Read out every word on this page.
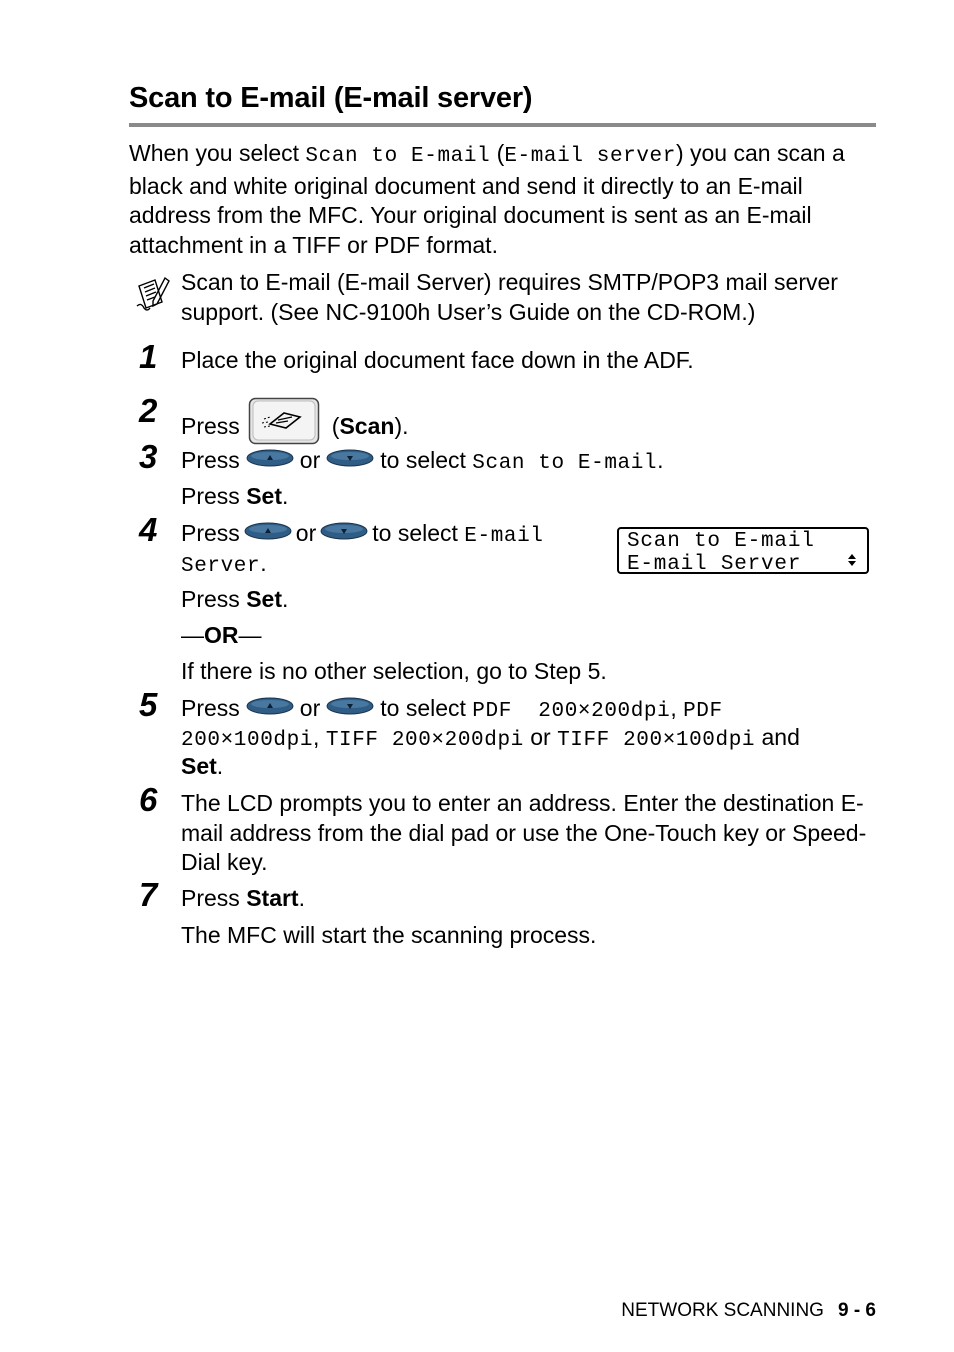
Scan to E-mail (E-mail server)
When you select Scan to E-mail (E-mail server) you can scan a black and white original document and send it directly to an E-mail address from the MFC. Your original document is sent as an E-mail attachment in a TIFF or PDF format.
Scan to E-mail (E-mail Server) requires SMTP/POP3 mail server support. (See NC-9100h User’s Guide on the CD-ROM.)
1 Place the original document face down in the ADF.
2 Press	(Scan).
3 Press	or	to select Scan to E-mail.
Press Set.
4 Press or to select E-mail
Server.
Scan to E-mail
E-mail Server
Press Set.
—OR—
If there is no other selection, go to Step 5.
5 Press	or	to select PDF  200×200dpi, PDF
200×100dpi, TIFF 200×200dpi or TIFF 200×100dpi and
Set.
6 The LCD prompts you to enter an address. Enter the destination E-mail address from the dial pad or use the One-Touch key or Speed-Dial key.
7 Press Start.
The MFC will start the scanning process.
NETWORK SCANNING 9 - 6
